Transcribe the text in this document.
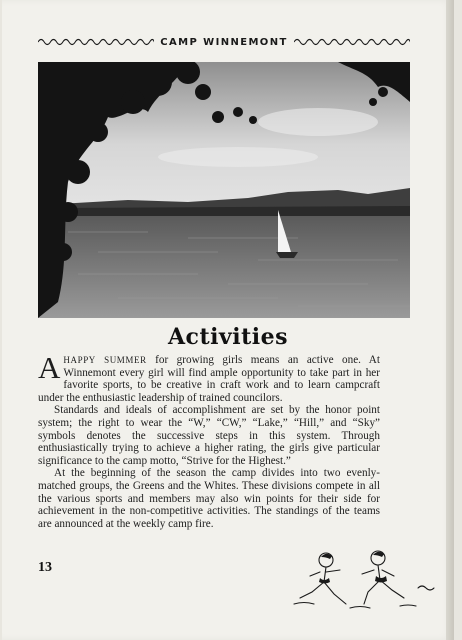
CAMP WINNEMONT
Activities

AHAPPY SUMMER for growing girls means an active one. At Winnemont every girl will find ample opportunity to take part in her favorite sports, to be creative in craft work and to learn campcraft under the enthusiastic leadership of trained councilors.

Standards and ideals of accomplishment are set by the honor point system; the right to wear the “W,” “CW,” “Lake,” “Hill,” and “Sky” symbols denotes the successive steps in this system. Through enthusiastically trying to achieve a higher rating, the girls give particular significance to the camp motto, “Strive for the Highest.”

At the beginning of the season the camp divides into two evenly-matched groups, the Greens and the Whites. These divisions compete in all the various sports and members may also win points for their side for achievement in the non-competitive activities. The standings of the teams are announced at the weekly camp fire.

13
